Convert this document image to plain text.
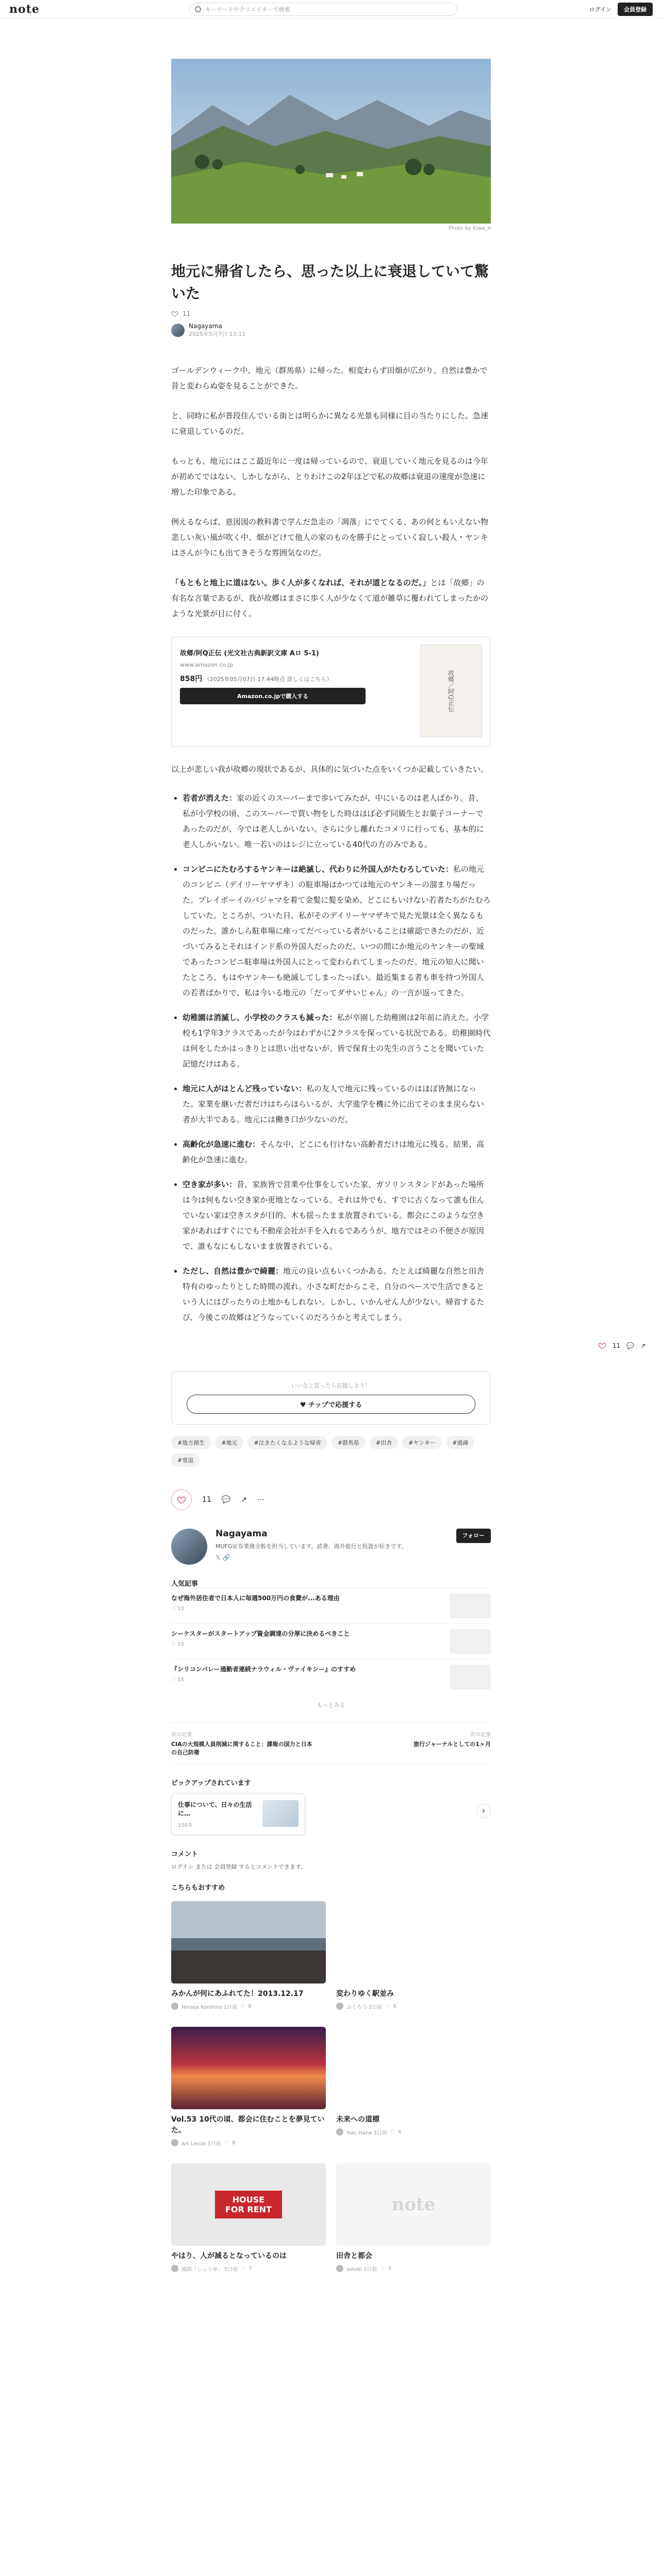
note	キーワードやクリエイターで検索	ログイン	会員登録
Photo by Kiwa_h
地元に帰省したら、思った以上に衰退していて驚いた
11
Nagayama
2025年5月7日 13:11

ゴールデンウィーク中、地元（群馬県）に帰った。相変わらず田畑が広がり、自然は豊かで昔と変わらぬ姿を見ることができた。

と、同時に私が普段住んでいる街とは明らかに異なる光景も同様に目の当たりにした。急速に衰退しているのだ。

もっとも、地元にはここ最近年に一度は帰っているので、衰退していく地元を見るのは今年が初めてではない。しかしながら、とりわけこの2年ほどで私の故郷は衰退の速度が急速に増した印象である。

例えるならば、意図図の教科書で学んだ急走の「凋落」にでてくる、あの何ともいえない物悲しい灰い風が吹く中、畑がどけて他人の家のものを勝手にとっていく寂しい殺人・ヤンキはさんが今にも出てきそうな雰囲気なのだ。

「もともと地上に道はない。歩く人が多くなれば、それが道となるのだ。」とは「故郷」の有名な言葉であるが、我が故郷はまさに歩く人が少なくて道が雑草に覆われてしまったかのような光景が目に付く。

故郷/阿Q正伝 (光文社古典新訳文庫 Aロ 5-1)
www.amazon.co.jp
858円 （2025年05月07日 17:44時点 詳しくはこちら）
Amazon.co.jpで購入する	故郷／阿Q正伝

以上が悲しい我が故郷の現状であるが、具体的に気づいた点をいくつか記載していきたい。

• 若者が消えた：家の近くのスーパーまで歩いてみたが、中にいるのは老人ばかり。昔、私が小学校の頃、このスーパーで買い物をした時はほぼ必ず同級生とお菓子コーナーであったのだが、今では老人しかいない。さらに少し離れたコメリに行っても、基本的に老人しかいない。唯一若いのはレジに立っている40代の方のみである。
• コンビニにたむろするヤンキーは絶滅し、代わりに外国人がたむろしていた：私の地元のコンビニ（デイリーヤマザキ）の駐車場はかつては地元のヤンキーの溜まり場だった。プレイボーイのパジャマを着て金髪に髪を染め、どこにもいけない若者たちがたむろしていた。ところが、ついた日、私がそのデイリーヤマザキで見た光景は全く異なるものだった。誰かしら駐車場に座ってだべっている者がいることは確認できたのだが、近づいてみるとそれはインド系の外国人だったのだ。いつの間にか地元のヤンキーの聖域であったコンビニ駐車場は外国人にとって変わられてしまったのだ。地元の知人に聞いたところ、もはやヤンキーも絶滅してしまったっぽい。最近集まる者も車を持つ外国人の若者ばかりで、私は今いる地元の「だってダサいじゃん」の一言が返ってきた。
• 幼稚園は消滅し、小学校のクラスも減った：私が卒園した幼稚園は2年前に消えた。小学校も1学年3クラスであったが今はわずかに2クラスを保っている状況である。幼稚園時代は何をしたかはっきりとは思い出せないが、皆で保育士の先生の言うことを聞いていた記憶だけはある。
• 地元に人がはとんど残っていない：私の友人で地元に残っているのはほぼ皆無になった。家業を継いだ者だけはちらほらいるが、大学進学を機に外に出てそのまま戻らない者が大半である。地元には働き口が少ないのだ。
• 高齢化が急速に進む：そんな中、どこにも行けない高齢者だけは地元に残る。結果、高齢化が急速に進む。
• 空き家が多い：昔、家族皆で営業や仕事をしていた家、ガソリンスタンドがあった場所は今は何もない空き家か更地となっている。それは外でも、すでに古くなって誰も住んでいない家は空きスタが目的、木も揺ったまま放置されている。都会にこのような空き家があればすぐにでも不動産会社が手を入れるであろうが、地方ではその不便さが原因で、誰もなにもしないまま放置されている。
• ただし、自然は豊かで綺麗：地元の良い点もいくつかある。たとえば綺麗な自然と田舎特有のゆったりとした時間の流れ。小さな町だからこそ、自分のペースで生活できるという人にはぴったりの土地かもしれない。しかし、いかんせん人が少ない。帰省するたび、今後この故郷はどうなっていくのだろうかと考えてしまう。
いいなと思ったら応援しよう！
♥ チップで応援する
#地方創生	#地元	#泣きたくなるような帰省	#群馬県	#田舎	#ヤンキー	#過疎
#衰退
11 💬 ↗ ⋯
Nagayama
MUFG证券業務全般を担当しています。読書、海外旅行と投資が好きです。
𝕏 🔗
フォロー
人気記事
なぜ海外居住者で日本人に毎週500万円の食費が...ある理由
♡ 13
シーケスターがスタートアップ資金調達の分厚に決めるべきこと
♡ 10
『シリコンバレー通勤者連続ナラウィル・ヴァイキシー』のすすめ
♡ 15
もっとみる
前の記事
CIAの大規模人員削減に関すること：諜報の国力と日本の自己防衛
次の記事
旅行ジャーナルとしての1ヶ月
ピックアップされています
仕事について、日々の生活に…
150本
›
コメント
ログイン または 会員登録 するとコメントできます。
こちらもおすすめ
みかんが何にあふれてた！2013.12.17
Hinasa Korehiro 1日前 ♡ 9
変わりゆく駅並み
ふくろう 2日前 ♡ 6
Vol.53 10代の頃、都会に住むことを夢見ていた。
Art Lenzo 1日前 ♡ 8
未来への道標
Yuki Hana 3日前 ♡ 4
HOUSE FOR RENT
やはり、人が減るとなっているのは
風間「しょうゆ」 5日前 ♡ 7
note
田舎と都会
sotoki 1日前 ♡ 3
11 💬 ↗
